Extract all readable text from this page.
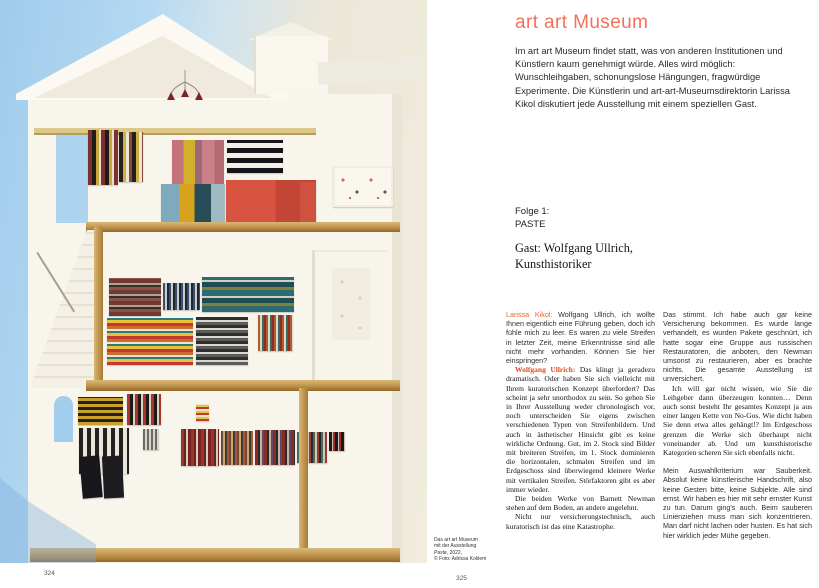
Das art art Museum
mit der Ausstellung
Paste, 2022,
© Foto: Adrissa Koklem
324
325
art art Museum

Im art art Museum findet statt, was von anderen Institutionen und Künstlern kaum genehmigt würde. Alles wird möglich: Wunschleihgaben, schonungslose Hängungen, fragwürdige Experimente. Die Künstlerin und art-art-Museumsdirektorin Larissa Kikol diskutiert jede Ausstellung mit einem speziellen Gast.

Folge 1:
PASTE
Gast: Wolfgang Ullrich,
Kunsthistoriker

Larissa Kikol: Wolfgang Ullrich, ich wollte Ihnen eigentlich eine Führung geben, doch ich fühle mich zu leer. Es waren zu viele Streifen in letzter Zeit, meine Erkenntnisse sind alle nicht mehr vorhanden. Können Sie hier einspringen?

Wolfgang Ullrich: Das klingt ja geradezu dramatisch. Oder haben Sie sich vielleicht mit Ihrem kuratorischen Konzept überfordert? Das scheint ja sehr unorthodox zu sein. So gehen Sie in Ihrer Ausstellung weder chronologisch vor, noch unterscheiden Sie eigens zwischen verschiedenen Typen von Streifenbildern. Und auch in ästhetischer Hinsicht gibt es keine wirkliche Ordnung. Gut, im 2. Stock sind Bilder mit breiteren Streifen, im 1. Stock dominieren die horizontalen, schmalen Streifen und im Erdgeschoss sind überwiegend kleinere Werke mit vertikalen Streifen. Störfaktoren gibt es aber immer wieder.

Die beiden Werke von Barnett Newman stehen auf dem Boden, an andere angelehnt.

Nicht nur versicherungstechnisch, auch kuratorisch ist das eine Katastrophe.

Das stimmt. Ich habe auch gar keine Versicherung bekommen. Es wurde lange verhandelt, es wurden Pakete geschnürt, ich hatte sogar eine Gruppe aus russischen Restauratoren, die anboten, den Newman umsonst zu restaurieren, aber es brachte nichts. Die gesamte Ausstellung ist unversichert.

Ich will gar nicht wissen, wie Sie die Leihgeber dann überzeugen konnten… Denn auch sonst besteht Ihr gesamtes Konzept ja aus einer langen Kette von No-Gos. Wie dicht haben Sie denn etwa alles gehängt!? Im Erdgeschoss grenzen die Werke sich überhaupt nicht voneinander ab. Und um kunsthistorische Kategorien scheren Sie sich ebenfalls nicht.

Mein Auswahlkriterium war Sauberkeit. Absolut keine künstlerische Handschrift, also keine Gesten bitte, keine Subjekte. Alle sind ernst. Wir haben es hier mit sehr ernster Kunst zu tun. Darum ging's auch. Beim sauberen Linienziehen muss man sich konzentrieren. Man darf nicht lachen oder husten. Es hat sich hier wirklich jeder Mühe gegeben.
